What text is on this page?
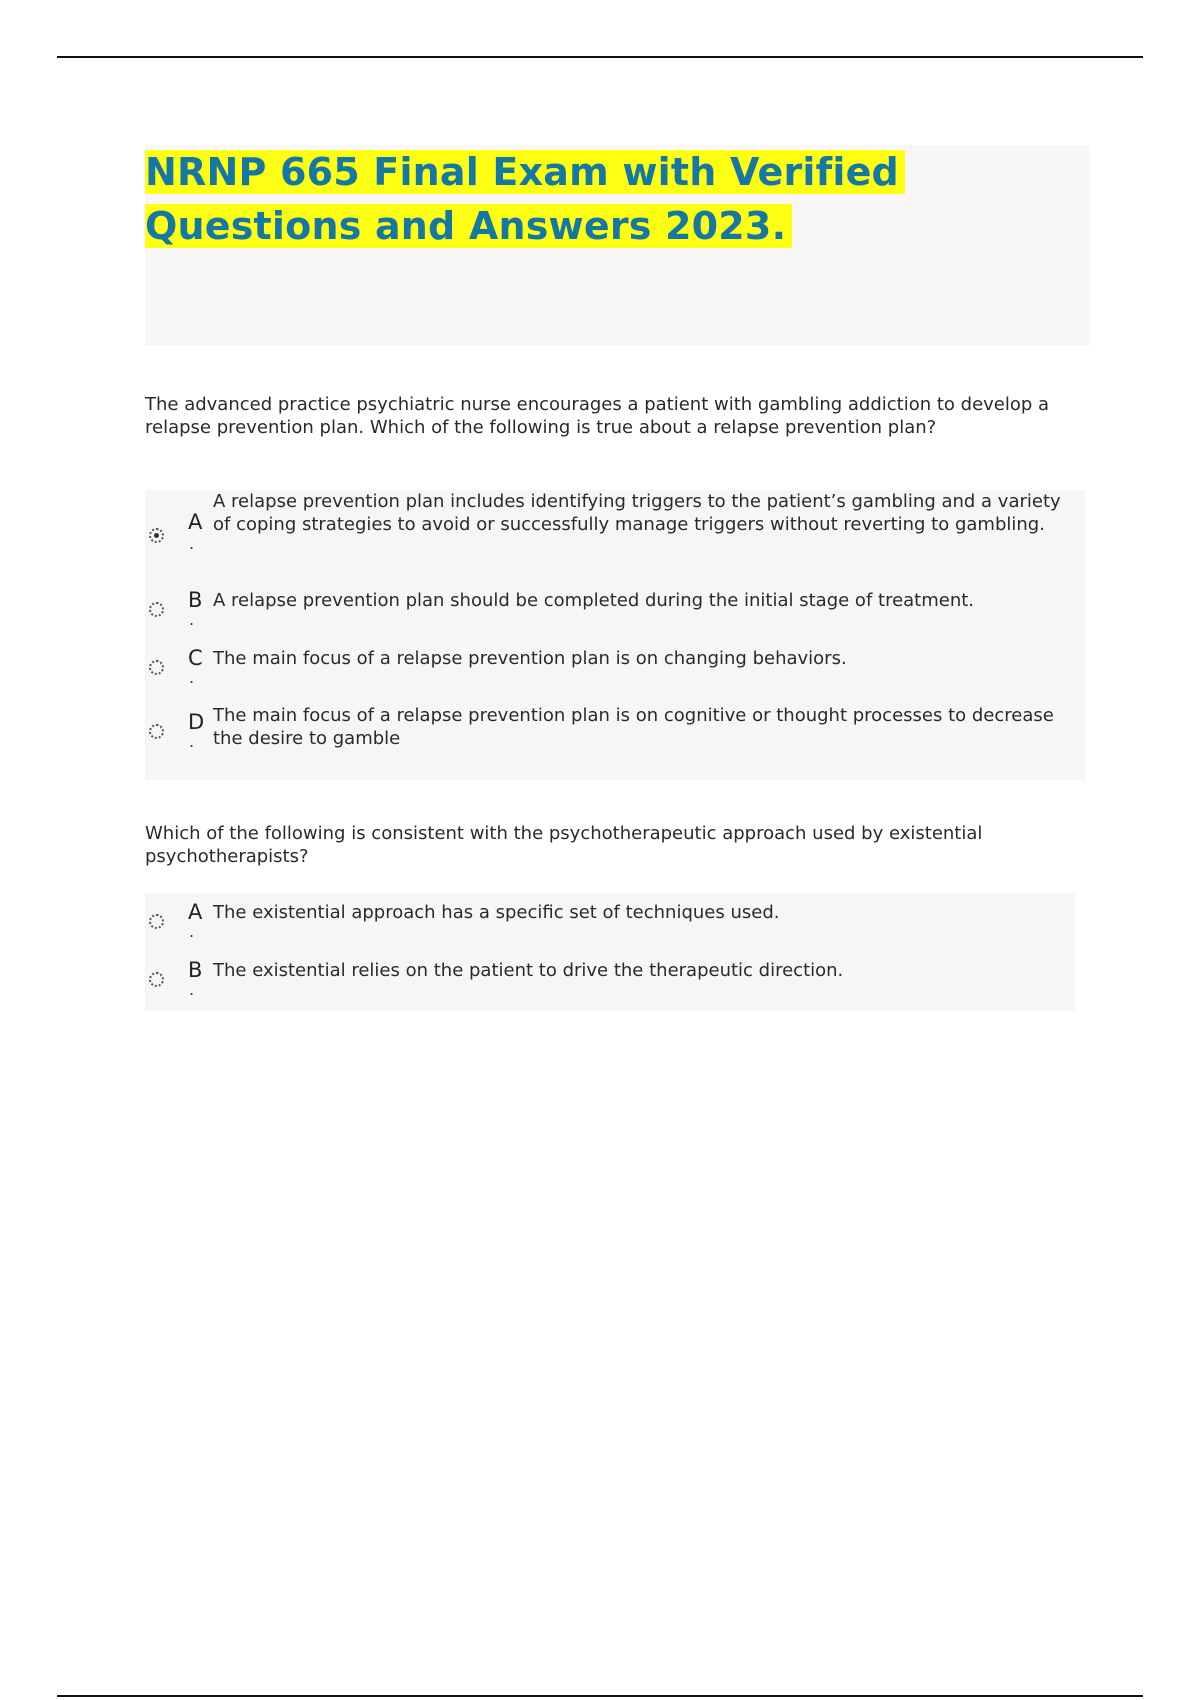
NRNP 665 Final Exam with Verified Questions and Answers 2023.

The advanced practice psychiatric nurse encourages a patient with gambling addiction to develop a relapse prevention plan. Which of the following is true about a relapse prevention plan?

A
.
A relapse prevention plan includes identifying triggers to the patient’s gambling and a variety of coping strategies to avoid or successfully manage triggers without reverting to gambling.
B
.
A relapse prevention plan should be completed during the initial stage of treatment.
C
.
The main focus of a relapse prevention plan is on changing behaviors.
D
.
The main focus of a relapse prevention plan is on cognitive or thought processes to decrease the desire to gamble

Which of the following is consistent with the psychotherapeutic approach used by existential psychotherapists?

A
.
The existential approach has a specific set of techniques used.
B
.
The existential relies on the patient to drive the therapeutic direction.
